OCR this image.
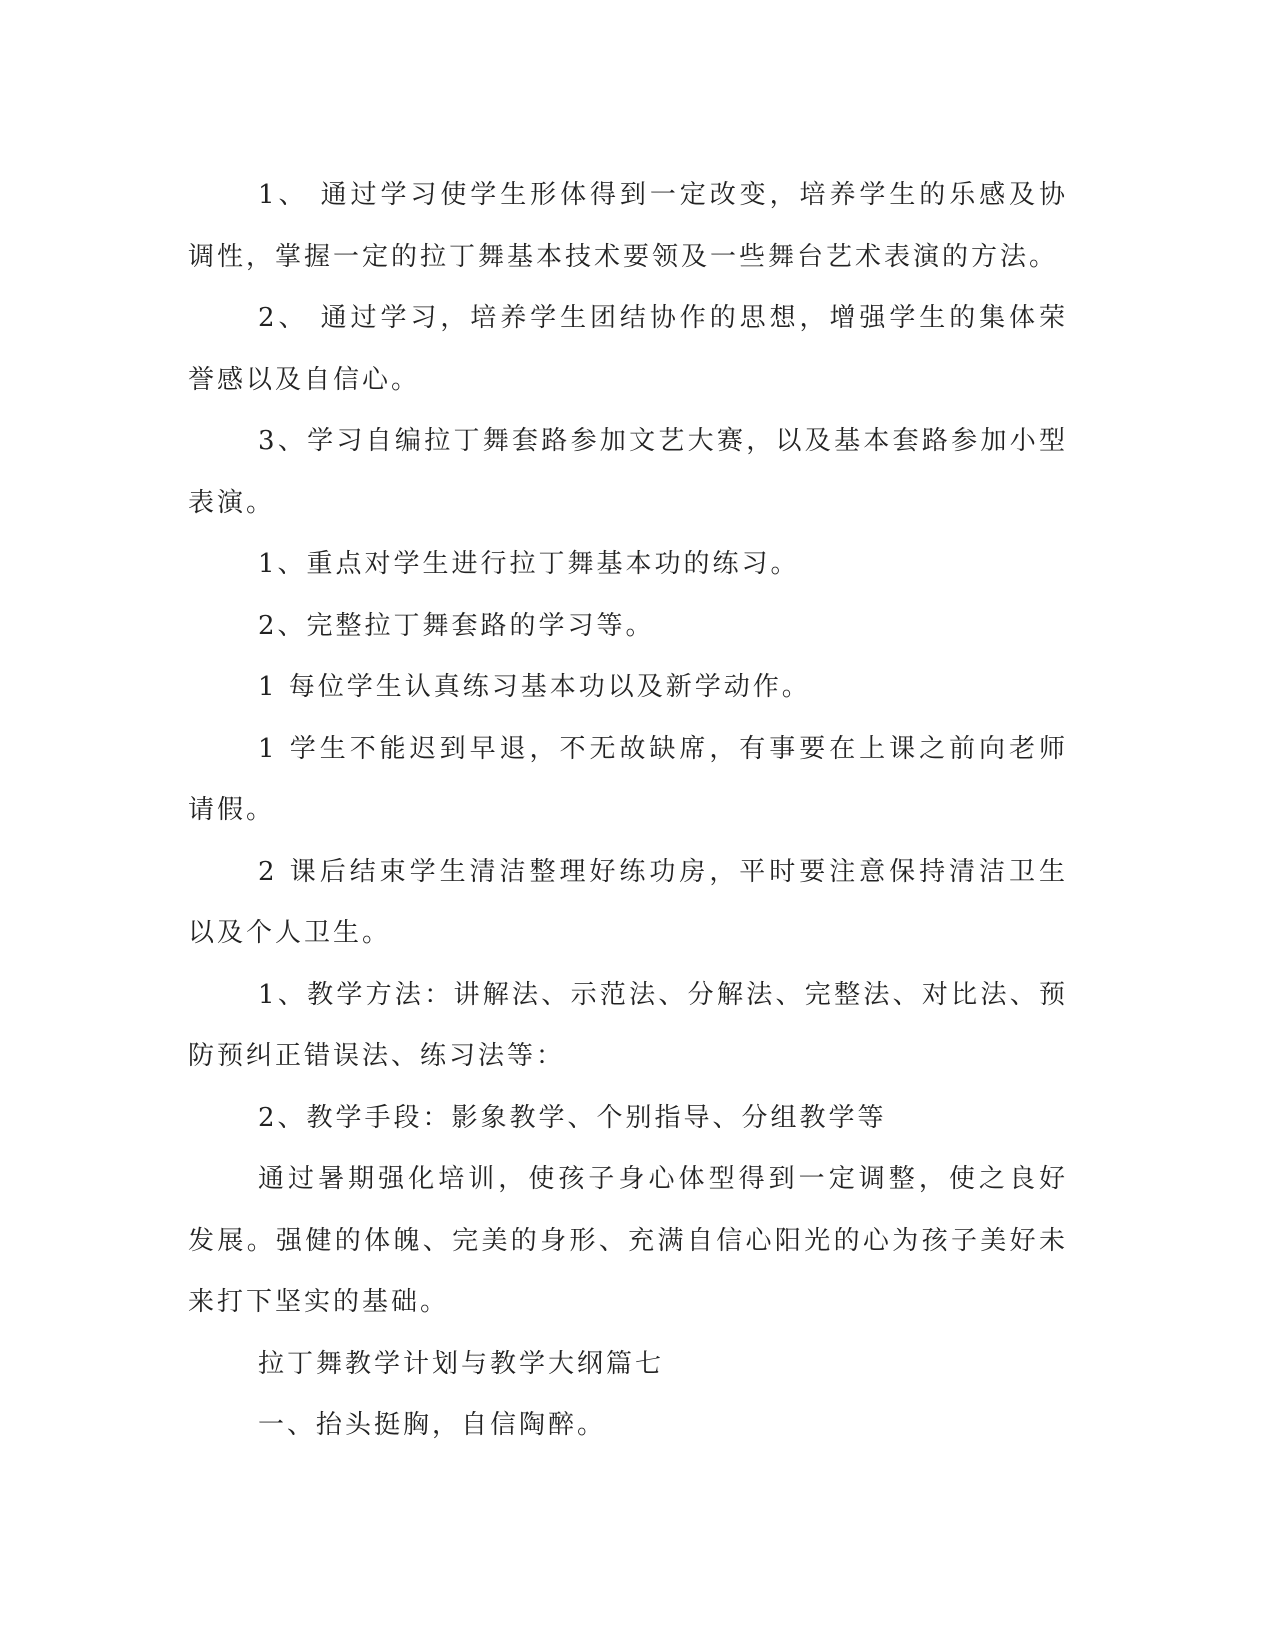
1、 通过学习使学生形体得到一定改变，培养学生的乐感及协调性，掌握一定的拉丁舞基本技术要领及一些舞台艺术表演的方法。

2、 通过学习，培养学生团结协作的思想，增强学生的集体荣誉感以及自信心。

3、学习自编拉丁舞套路参加文艺大赛，以及基本套路参加小型表演。

1、重点对学生进行拉丁舞基本功的练习。

2、完整拉丁舞套路的学习等。

1 每位学生认真练习基本功以及新学动作。

1 学生不能迟到早退，不无故缺席，有事要在上课之前向老师请假。

2 课后结束学生清洁整理好练功房，平时要注意保持清洁卫生以及个人卫生。

1、教学方法：讲解法、示范法、分解法、完整法、对比法、预防预纠正错误法、练习法等：

2、教学手段：影象教学、个别指导、分组教学等

通过暑期强化培训，使孩子身心体型得到一定调整，使之良好发展。强健的体魄、完美的身形、充满自信心阳光的心为孩子美好未来打下坚实的基础。

拉丁舞教学计划与教学大纲篇七

一、抬头挺胸，自信陶醉。
